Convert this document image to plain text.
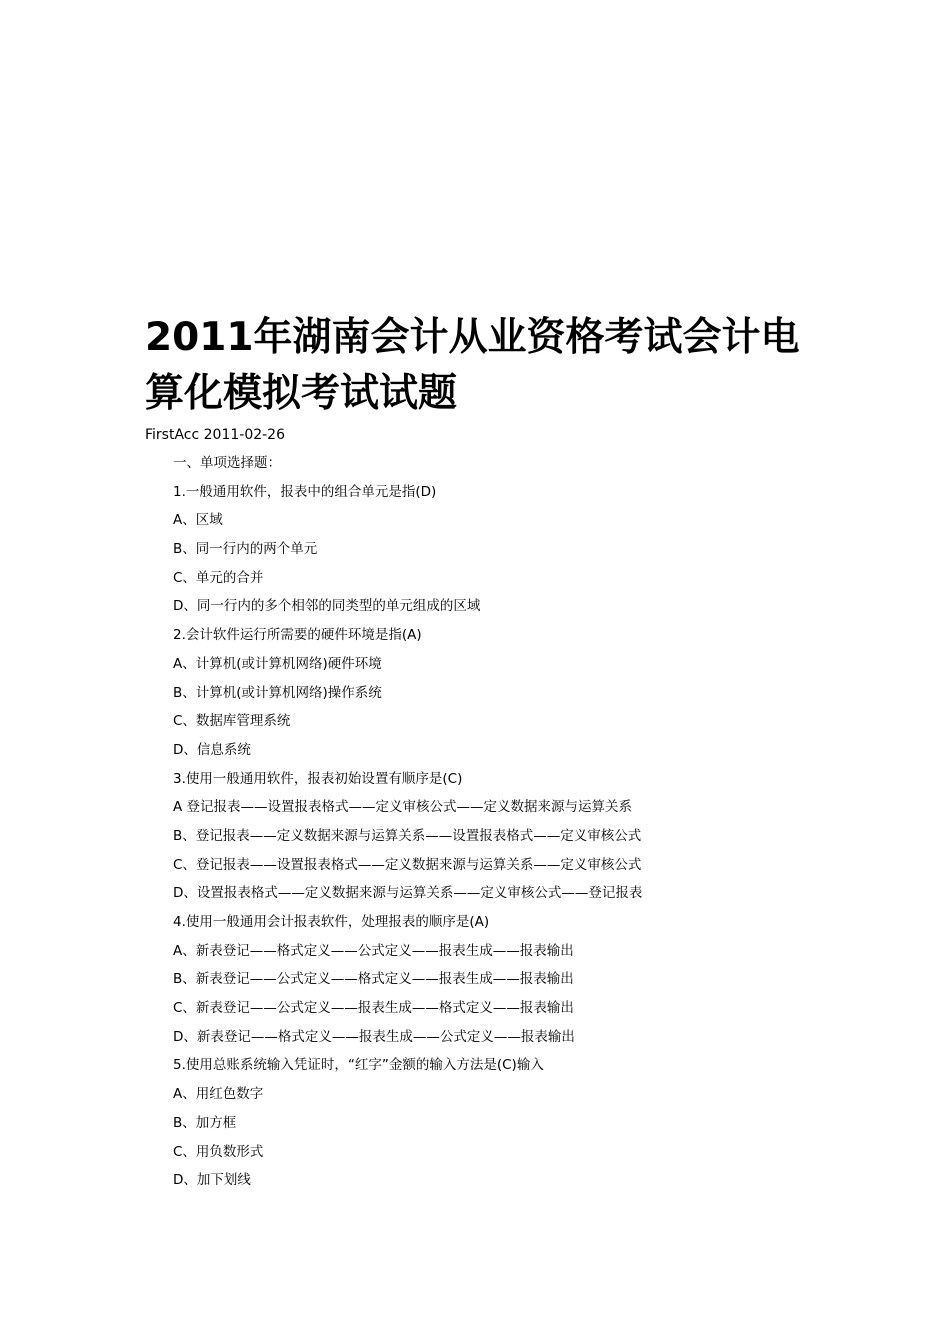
2011年湖南会计从业资格考试会计电算化模拟考试试题

FirstAcc 2011-02-26

一、单项选择题：
1.一般通用软件，报表中的组合单元是指(D)
A、区域
B、同一行内的两个单元
C、单元的合并
D、同一行内的多个相邻的同类型的单元组成的区域
2.会计软件运行所需要的硬件环境是指(A)
A、计算机(或计算机网络)硬件环境
B、计算机(或计算机网络)操作系统
C、数据库管理系统
D、信息系统
3.使用一般通用软件，报表初始设置有顺序是(C)
A 登记报表——设置报表格式——定义审核公式——定义数据来源与运算关系
B、登记报表——定义数据来源与运算关系——设置报表格式——定义审核公式
C、登记报表——设置报表格式——定义数据来源与运算关系——定义审核公式
D、设置报表格式——定义数据来源与运算关系——定义审核公式——登记报表
4.使用一般通用会计报表软件，处理报表的顺序是(A)
A、新表登记——格式定义——公式定义——报表生成——报表输出
B、新表登记——公式定义——格式定义——报表生成——报表输出
C、新表登记——公式定义——报表生成——格式定义——报表输出
D、新表登记——格式定义——报表生成——公式定义——报表输出
5.使用总账系统输入凭证时，“红字”金额的输入方法是(C)输入
A、用红色数字
B、加方框
C、用负数形式
D、加下划线
